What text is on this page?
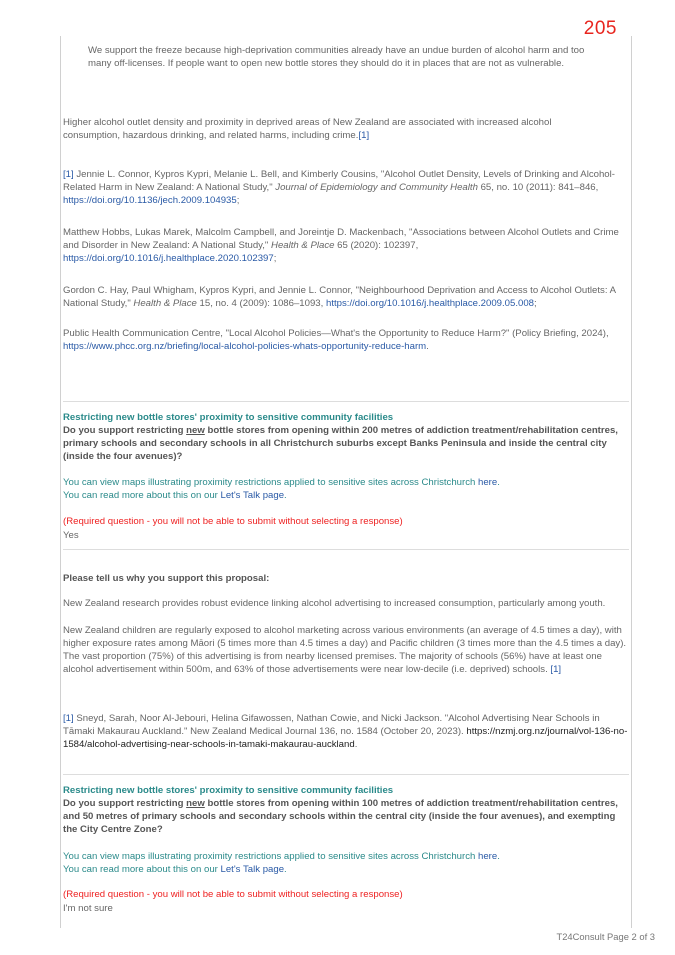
205

We support the freeze because high-deprivation communities already have an undue burden of alcohol harm and too many off-licenses. If people want to open new bottle stores they should do it in places that are not as vulnerable.

Higher alcohol outlet density and proximity in deprived areas of New Zealand are associated with increased alcohol consumption, hazardous drinking, and related harms, including crime.[1]

[1] Jennie L. Connor, Kypros Kypri, Melanie L. Bell, and Kimberly Cousins, "Alcohol Outlet Density, Levels of Drinking and Alcohol-Related Harm in New Zealand: A National Study," Journal of Epidemiology and Community Health 65, no. 10 (2011): 841–846, https://doi.org/10.1136/jech.2009.104935;

Matthew Hobbs, Lukas Marek, Malcolm Campbell, and Joreintje D. Mackenbach, "Associations between Alcohol Outlets and Crime and Disorder in New Zealand: A National Study," Health & Place 65 (2020): 102397, https://doi.org/10.1016/j.healthplace.2020.102397;

Gordon C. Hay, Paul Whigham, Kypros Kypri, and Jennie L. Connor, "Neighbourhood Deprivation and Access to Alcohol Outlets: A National Study," Health & Place 15, no. 4 (2009): 1086–1093, https://doi.org/10.1016/j.healthplace.2009.05.008;

Public Health Communication Centre, "Local Alcohol Policies—What's the Opportunity to Reduce Harm?" (Policy Briefing, 2024), https://www.phcc.org.nz/briefing/local-alcohol-policies-whats-opportunity-reduce-harm.

Restricting new bottle stores' proximity to sensitive community facilities

Do you support restricting new bottle stores from opening within 200 metres of addiction treatment/rehabilitation centres, primary schools and secondary schools in all Christchurch suburbs except Banks Peninsula and inside the central city (inside the four avenues)?

You can view maps illustrating proximity restrictions applied to sensitive sites across Christchurch here.

You can read more about this on our Let's Talk page.

(Required question - you will not be able to submit without selecting a response)

Yes

Please tell us why you support this proposal:

New Zealand research provides robust evidence linking alcohol advertising to increased consumption, particularly among youth.

New Zealand children are regularly exposed to alcohol marketing across various environments (an average of 4.5 times a day), with higher exposure rates among Māori (5 times more than 4.5 times a day) and Pacific children (3 times more than the 4.5 times a day). The vast proportion (75%) of this advertising is from nearby licensed premises. The majority of schools (56%) have at least one alcohol advertisement within 500m, and 63% of those advertisements were near low-decile (i.e. deprived) schools. [1]

[1] Sneyd, Sarah, Noor Al-Jebouri, Helina Gifawossen, Nathan Cowie, and Nicki Jackson. "Alcohol Advertising Near Schools in Tāmaki Makaurau Auckland." New Zealand Medical Journal 136, no. 1584 (October 20, 2023). https://nzmj.org.nz/journal/vol-136-no-1584/alcohol-advertising-near-schools-in-tamaki-makaurau-auckland.

Restricting new bottle stores' proximity to sensitive community facilities

Do you support restricting new bottle stores from opening within 100 metres of addiction treatment/rehabilitation centres, and 50 metres of primary schools and secondary schools within the central city (inside the four avenues), and exempting the City Centre Zone?

You can view maps illustrating proximity restrictions applied to sensitive sites across Christchurch here.

You can read more about this on our Let's Talk page.

(Required question - you will not be able to submit without selecting a response)

I'm not sure

T24Consult Page 2 of 3
